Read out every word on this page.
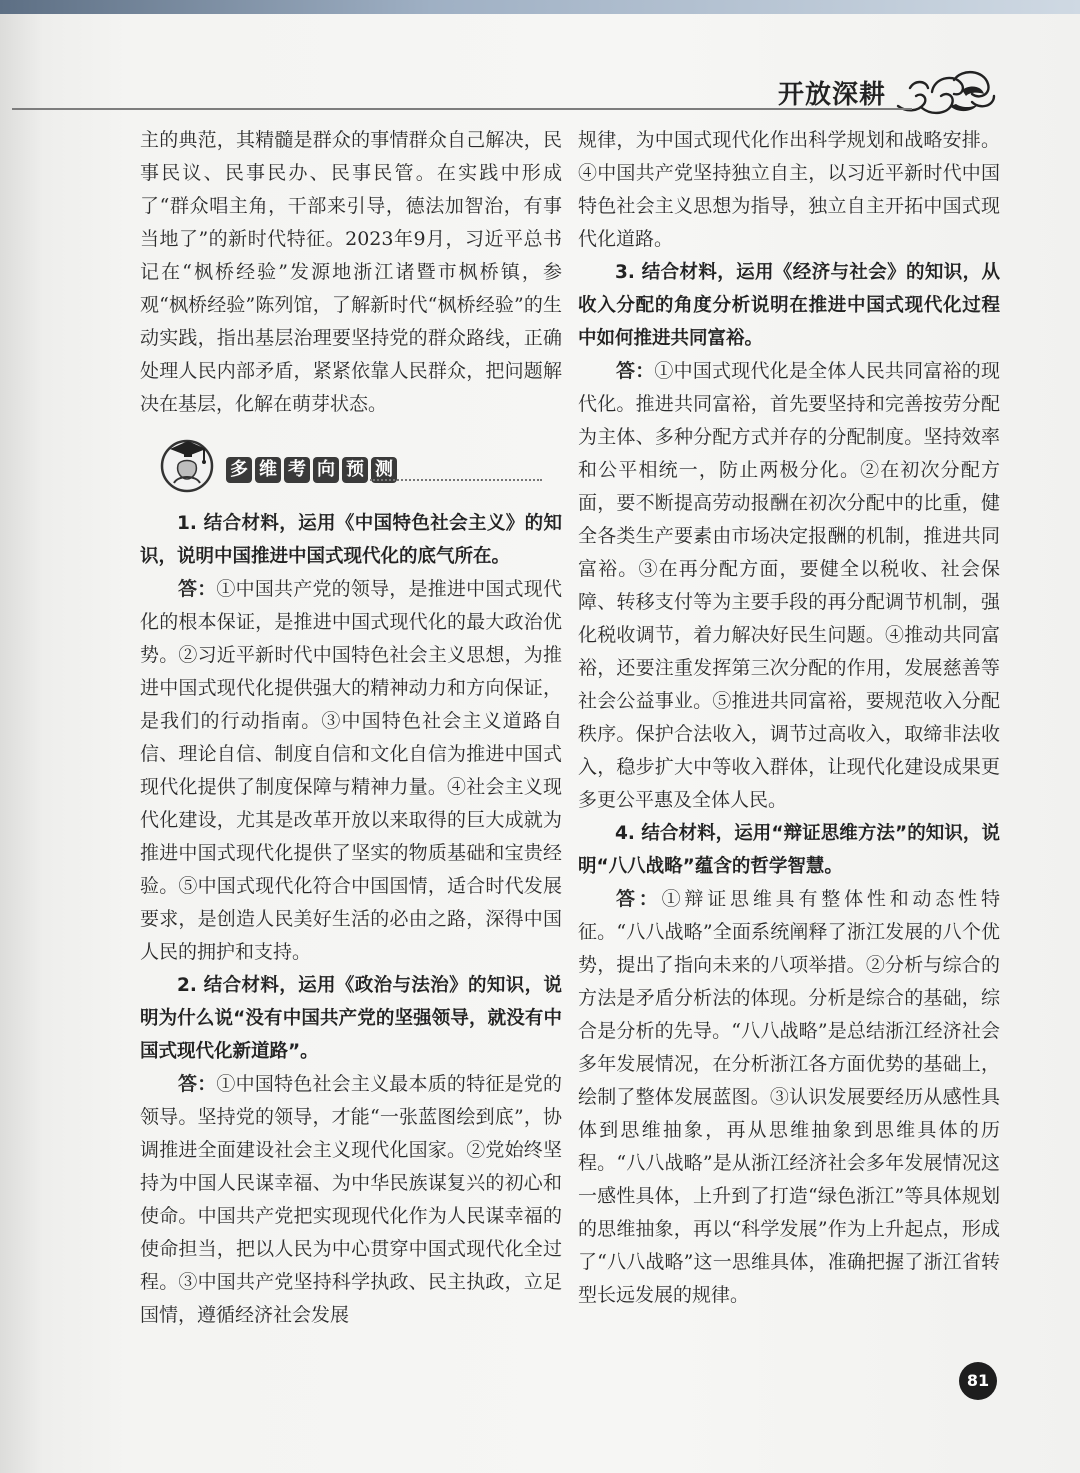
开放深耕

主的典范，其精髓是群众的事情群众自己解决，民事民议、民事民办、民事民管。在实践中形成了“群众唱主角，干部来引导，德法加智治，有事当地了”的新时代特征。2023年9月，习近平总书记在“枫桥经验”发源地浙江诸暨市枫桥镇，参观“枫桥经验”陈列馆，了解新时代“枫桥经验”的生动实践，指出基层治理要坚持党的群众路线，正确处理人民内部矛盾，紧紧依靠人民群众，把问题解决在基层，化解在萌芽状态。

多 维 考 向 预 测

1. 结合材料，运用《中国特色社会主义》的知识，说明中国推进中国式现代化的底气所在。

答：①中国共产党的领导，是推进中国式现代化的根本保证，是推进中国式现代化的最大政治优势。②习近平新时代中国特色社会主义思想，为推进中国式现代化提供强大的精神动力和方向保证，是我们的行动指南。③中国特色社会主义道路自信、理论自信、制度自信和文化自信为推进中国式现代化提供了制度保障与精神力量。④社会主义现代化建设，尤其是改革开放以来取得的巨大成就为推进中国式现代化提供了坚实的物质基础和宝贵经验。⑤中国式现代化符合中国国情，适合时代发展要求，是创造人民美好生活的必由之路，深得中国人民的拥护和支持。

2. 结合材料，运用《政治与法治》的知识，说明为什么说“没有中国共产党的坚强领导，就没有中国式现代化新道路”。

答：①中国特色社会主义最本质的特征是党的领导。坚持党的领导，才能“一张蓝图绘到底”，协调推进全面建设社会主义现代化国家。②党始终坚持为中国人民谋幸福、为中华民族谋复兴的初心和使命。中国共产党把实现现代化作为人民谋幸福的使命担当，把以人民为中心贯穿中国式现代化全过程。③中国共产党坚持科学执政、民主执政，立足国情，遵循经济社会发展

规律，为中国式现代化作出科学规划和战略安排。④中国共产党坚持独立自主，以习近平新时代中国特色社会主义思想为指导，独立自主开拓中国式现代化道路。

3. 结合材料，运用《经济与社会》的知识，从收入分配的角度分析说明在推进中国式现代化过程中如何推进共同富裕。

答：①中国式现代化是全体人民共同富裕的现代化。推进共同富裕，首先要坚持和完善按劳分配为主体、多种分配方式并存的分配制度。坚持效率和公平相统一，防止两极分化。②在初次分配方面，要不断提高劳动报酬在初次分配中的比重，健全各类生产要素由市场决定报酬的机制，推进共同富裕。③在再分配方面，要健全以税收、社会保障、转移支付等为主要手段的再分配调节机制，强化税收调节，着力解决好民生问题。④推动共同富裕，还要注重发挥第三次分配的作用，发展慈善等社会公益事业。⑤推进共同富裕，要规范收入分配秩序。保护合法收入，调节过高收入，取缔非法收入，稳步扩大中等收入群体，让现代化建设成果更多更公平惠及全体人民。

4. 结合材料，运用“辩证思维方法”的知识，说明“八八战略”蕴含的哲学智慧。

答：①辩证思维具有整体性和动态性特征。“八八战略”全面系统阐释了浙江发展的八个优势，提出了指向未来的八项举措。②分析与综合的方法是矛盾分析法的体现。分析是综合的基础，综合是分析的先导。“八八战略”是总结浙江经济社会多年发展情况，在分析浙江各方面优势的基础上，绘制了整体发展蓝图。③认识发展要经历从感性具体到思维抽象，再从思维抽象到思维具体的历程。“八八战略”是从浙江经济社会多年发展情况这一感性具体，上升到了打造“绿色浙江”等具体规划的思维抽象，再以“科学发展”作为上升起点，形成了“八八战略”这一思维具体，准确把握了浙江省转型长远发展的规律。

81
